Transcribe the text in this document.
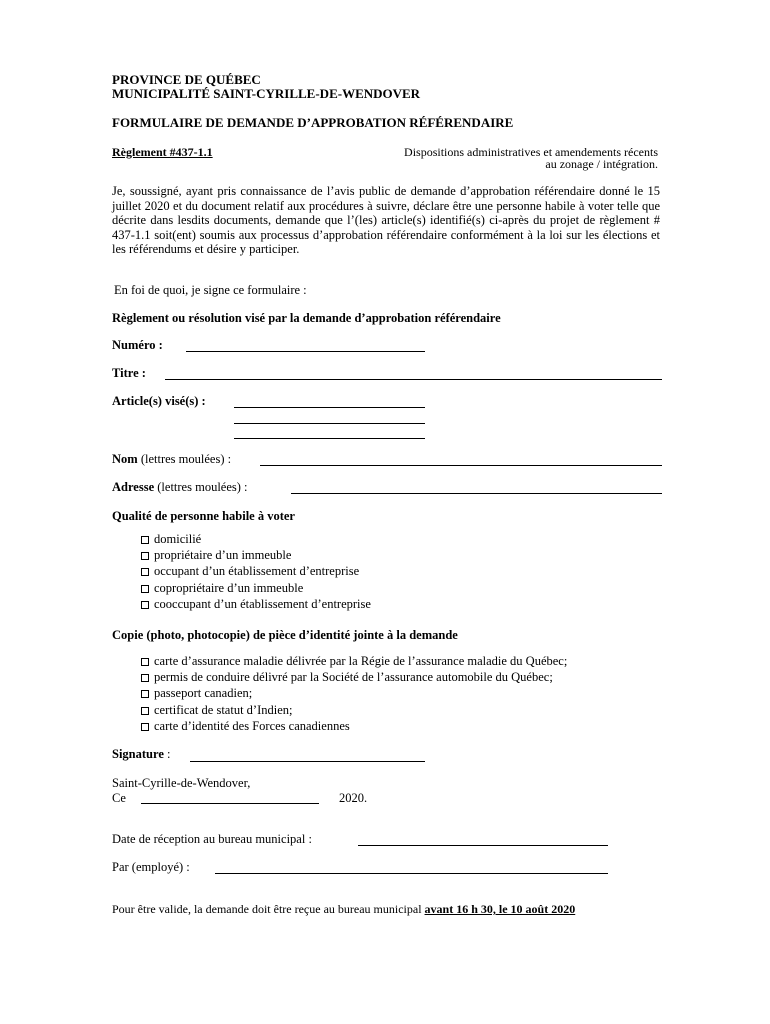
PROVINCE DE QUÉBEC
MUNICIPALITÉ SAINT-CYRILLE-DE-WENDOVER
FORMULAIRE DE DEMANDE D’APPROBATION RÉFÉRENDAIRE
Règlement #437-1.1	Dispositions administratives et amendements récents
au zonage / intégration.
Je, soussigné, ayant pris connaissance de l’avis public de demande d’approbation référendaire donné le 15 juillet 2020 et du document relatif aux procédures à suivre, déclare être une personne habile à voter telle que décrite dans lesdits documents, demande que l’(les) article(s) identifié(s) ci-après du projet de règlement # 437-1.1 soit(ent) soumis aux processus d’approbation référendaire conformément à la loi sur les élections et les référendums et désire y participer.
En foi de quoi, je signe ce formulaire :
Règlement ou résolution visé par la demande d’approbation référendaire
Numéro :
Titre :
Article(s) visé(s) :
Nom (lettres moulées) :
Adresse (lettres moulées) :
Qualité de personne habile à voter
domicilié
propriétaire d’un immeuble
occupant d’un établissement d’entreprise
copropriétaire d’un immeuble
cooccupant d’un établissement d’entreprise
Copie (photo, photocopie) de pièce d’identité jointe à la demande
carte d’assurance maladie délivrée par la Régie de l’assurance maladie du Québec;
permis de conduire délivré par la Société de l’assurance automobile du Québec;
passeport canadien;
certificat de statut d’Indien;
carte d’identité des Forces canadiennes
Signature :
Saint-Cyrille-de-Wendover,
Ce	2020.
Date de réception au bureau municipal :
Par (employé) :
Pour être valide, la demande doit être reçue au bureau municipal avant 16 h 30, le 10 août 2020
